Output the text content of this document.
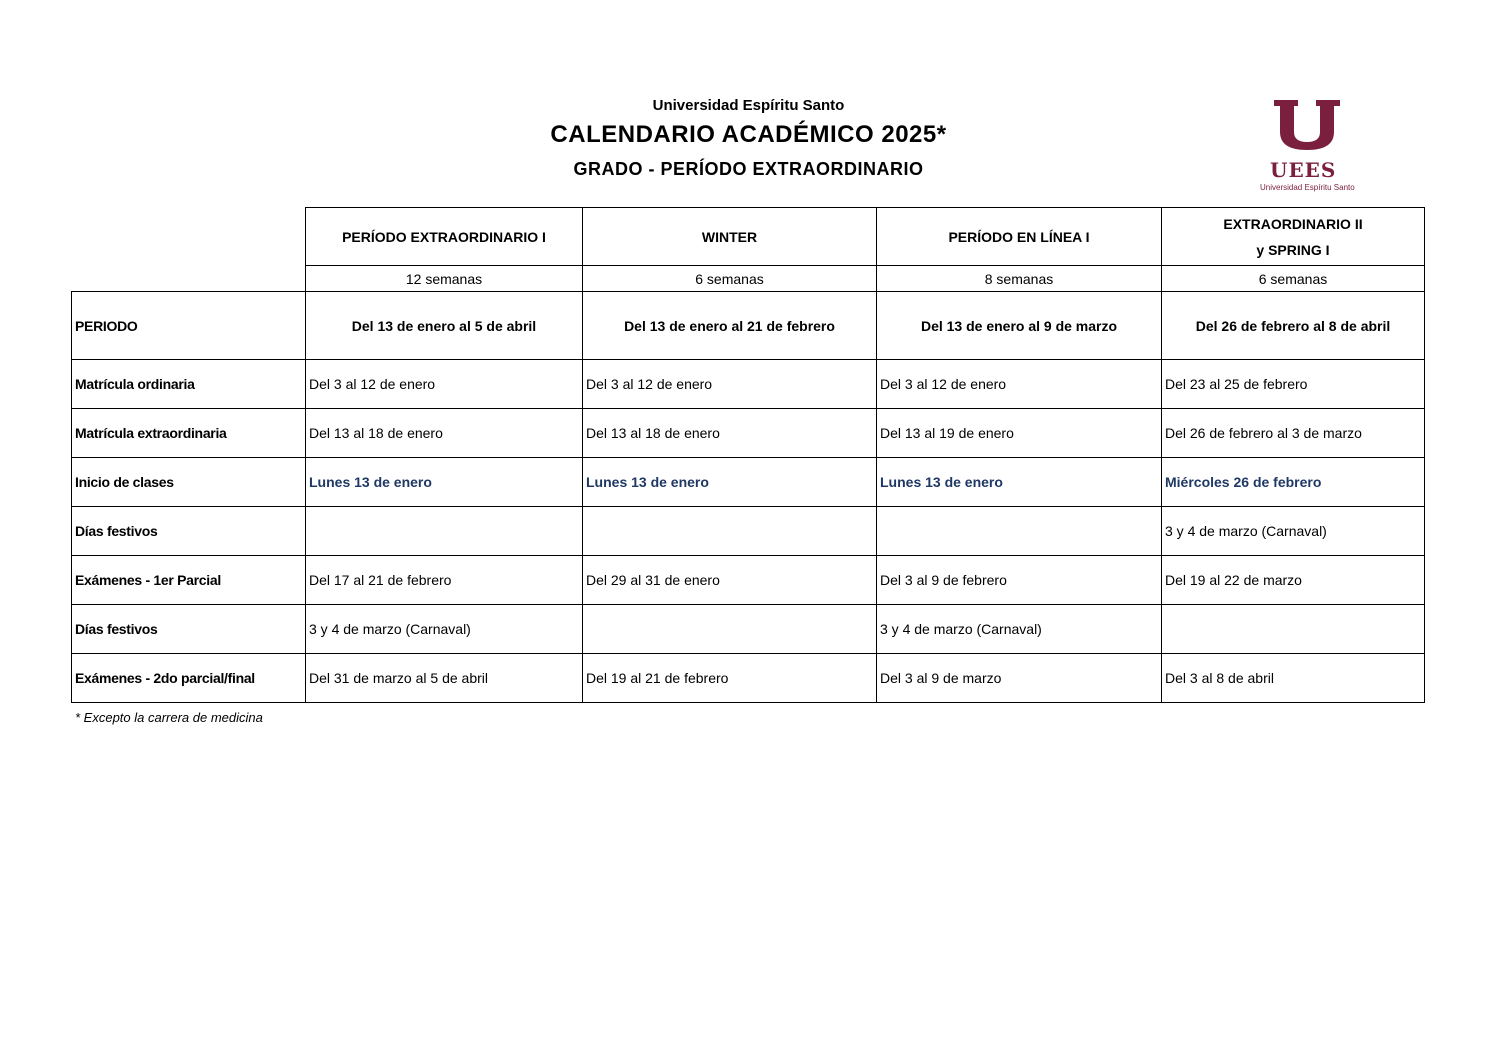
Universidad Espíritu Santo
CALENDARIO ACADÉMICO 2025*
GRADO - PERÍODO EXTRAORDINARIO	UEES
Universidad Espíritu Santo

	PERÍODO EXTRAORDINARIO I	WINTER	PERÍODO EN LÍNEA I	EXTRAORDINARIO II
y SPRING I

	12 semanas	6 semanas	8 semanas	6 semanas
PERIODO	Del 13 de enero al 5 de abril	Del 13 de enero al 21 de febrero	Del 13 de enero al 9 de marzo	Del 26 de febrero al 8 de abril
Matrícula ordinaria	Del 3 al 12 de enero	Del 3 al 12 de enero	Del 3 al 12 de enero	Del 23 al 25 de febrero
Matrícula extraordinaria	Del 13 al 18 de enero	Del 13 al 18 de enero	Del 13 al 19 de enero	Del 26 de febrero al 3 de marzo
Inicio de clases	Lunes 13 de enero	Lunes 13 de enero	Lunes 13 de enero	Miércoles 26 de febrero
Días festivos				3 y 4 de marzo (Carnaval)
Exámenes - 1er Parcial	Del 17 al 21 de febrero	Del 29 al 31 de enero	Del 3 al 9 de febrero	Del 19 al 22 de marzo
Días festivos	3 y 4 de marzo (Carnaval)		3 y 4 de marzo (Carnaval)	
Exámenes - 2do parcial/final	Del 31 de marzo al 5 de abril	Del 19 al 21 de febrero	Del 3 al 9 de marzo	Del 3 al 8 de abril
* Excepto la carrera de medicina
